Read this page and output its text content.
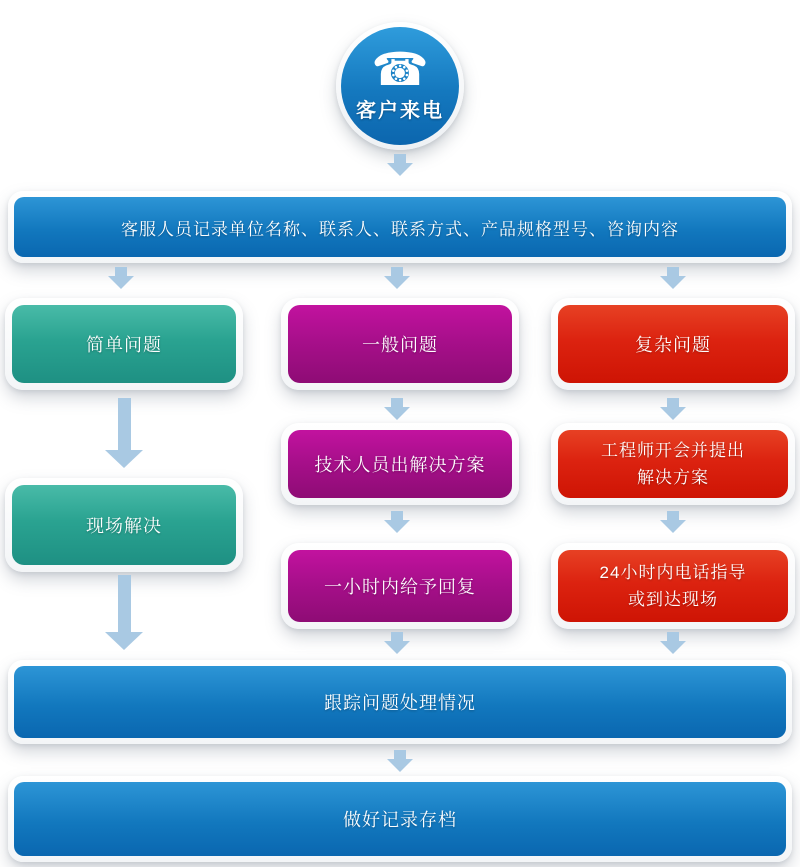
☎
客户来电
客服人员记录单位名称、联系人、联系方式、产品规格型号、咨询内容
简单问题	一般问题	复杂问题
现场解决
技术人员出解决方案
工程师开会并提出
解决方案
一小时内给予回复
24小时内电话指导
或到达现场
跟踪问题处理情况
做好记录存档
